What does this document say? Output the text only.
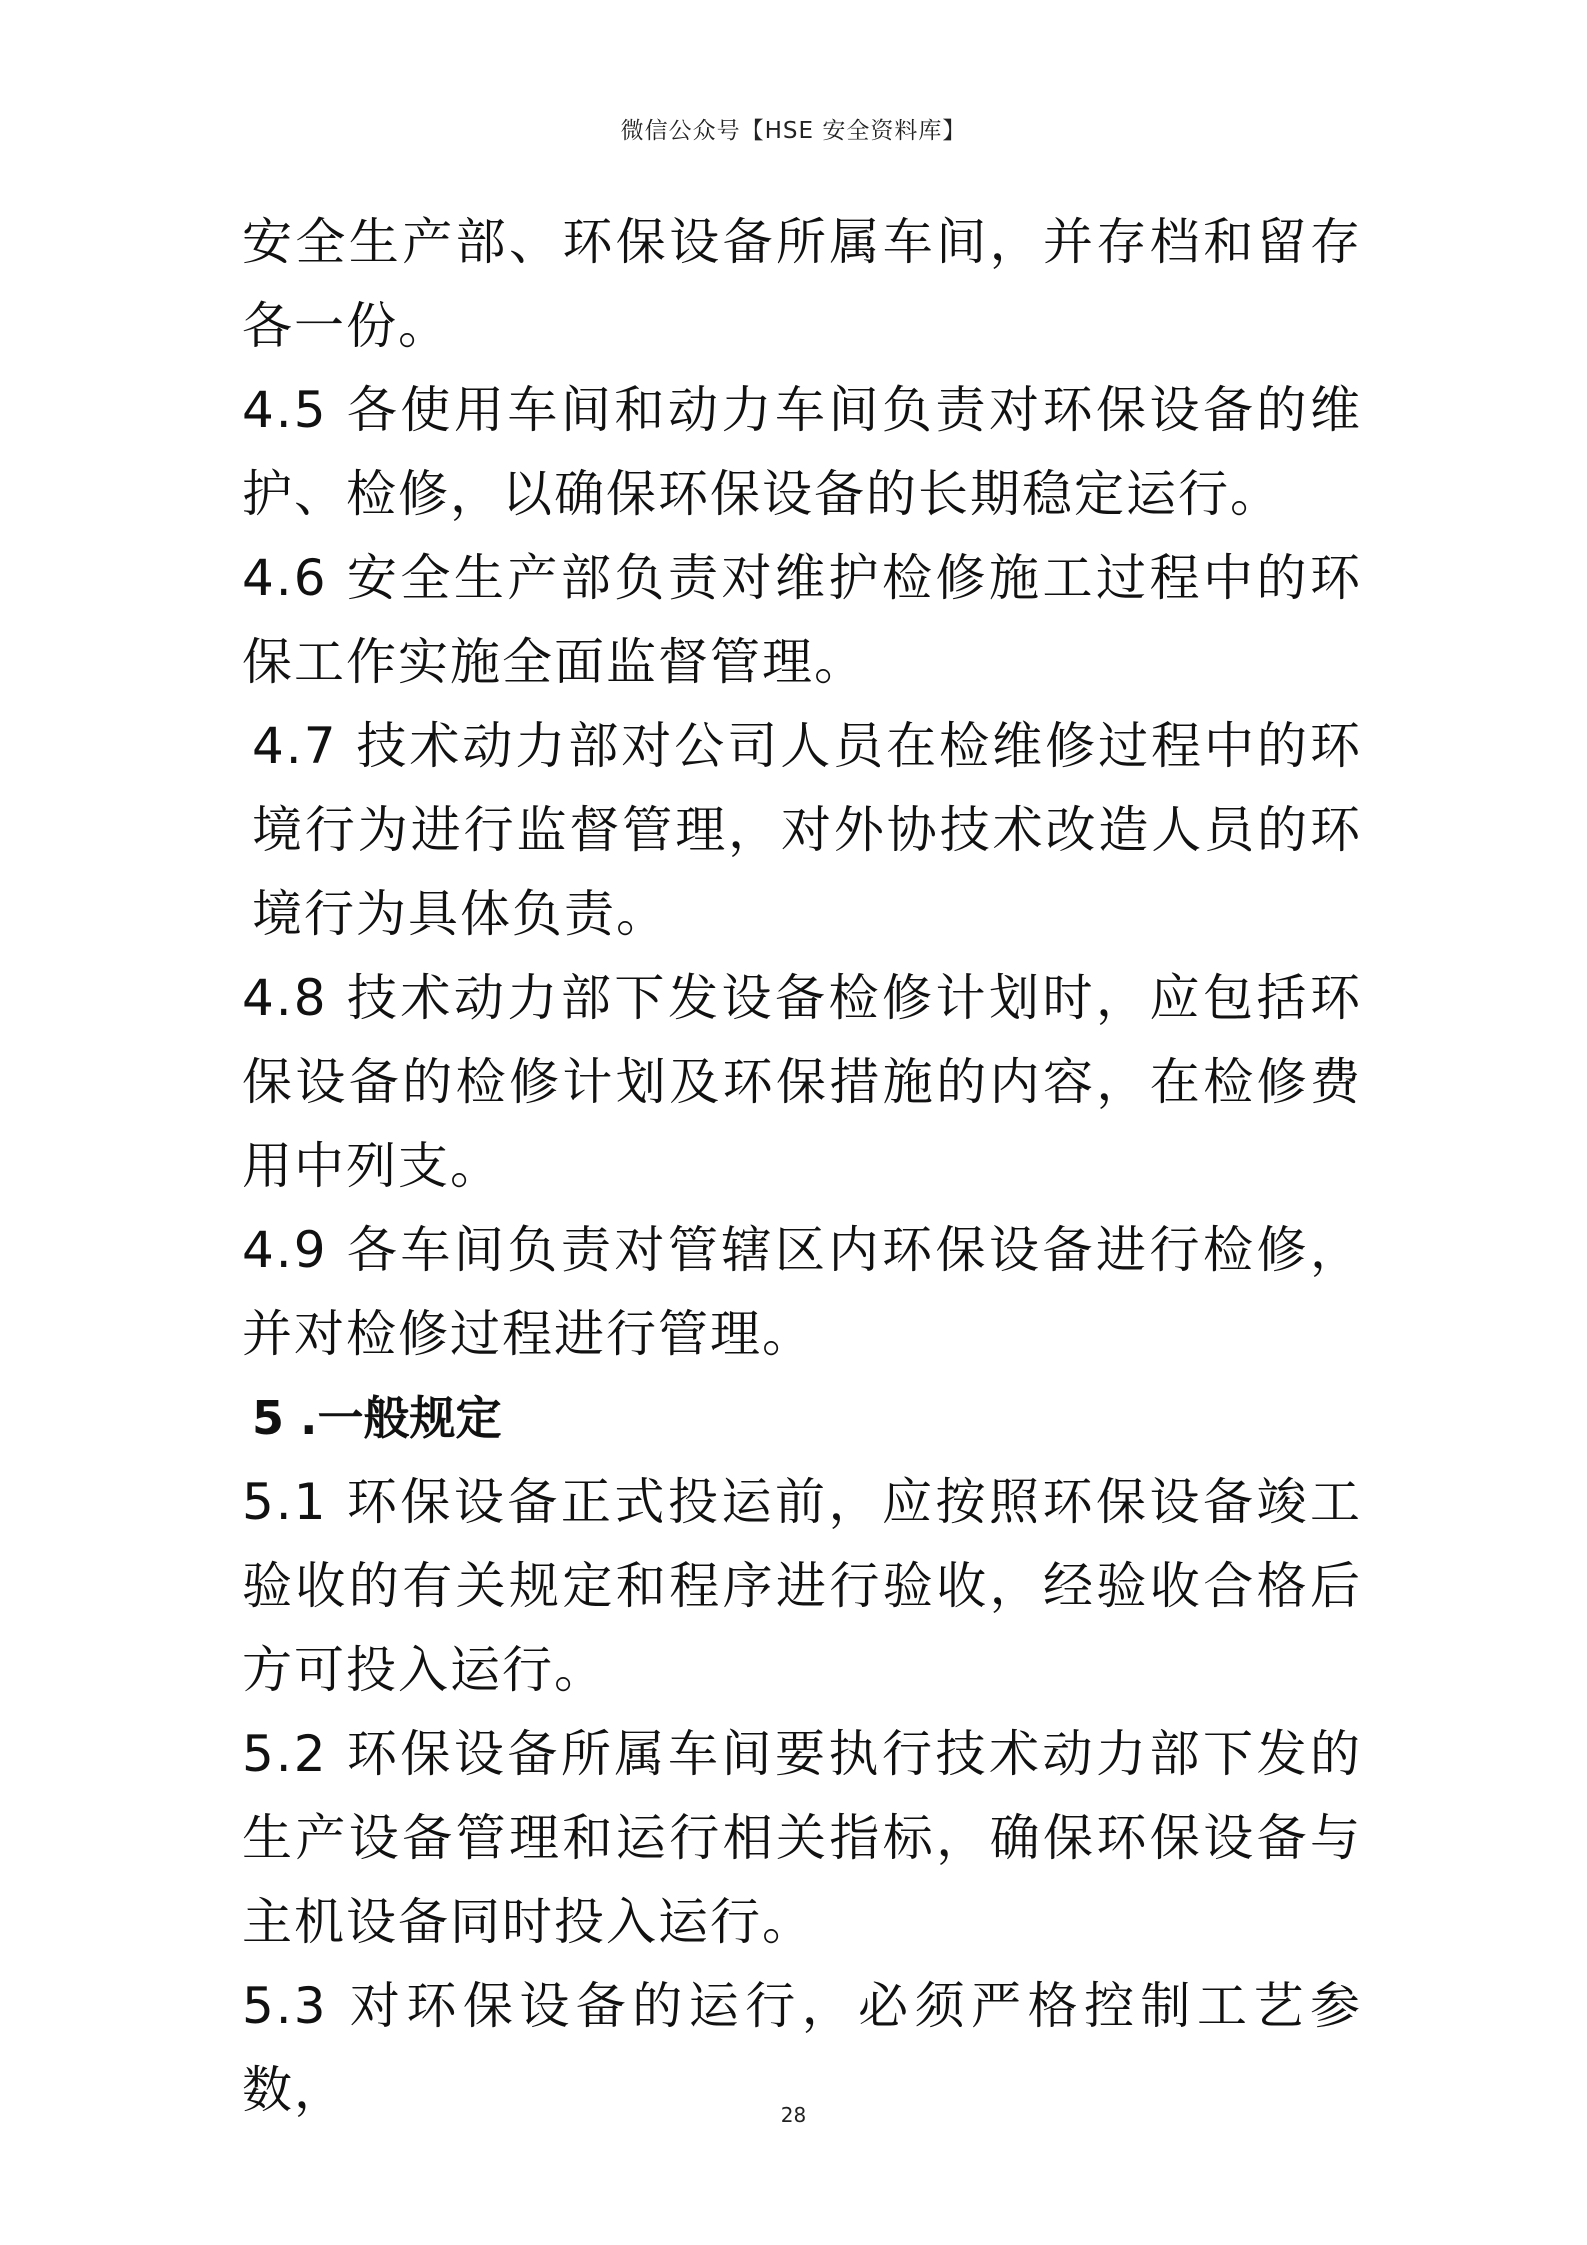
微信公众号【HSE 安全资料库】

安全生产部、环保设备所属车间，并存档和留存各一份。

4.5 各使用车间和动力车间负责对环保设备的维护、检修，以确保环保设备的长期稳定运行。

4.6 安全生产部负责对维护检修施工过程中的环保工作实施全面监督管理。

4.7 技术动力部对公司人员在检维修过程中的环境行为进行监督管理，对外协技术改造人员的环境行为具体负责。

4.8 技术动力部下发设备检修计划时，应包括环保设备的检修计划及环保措施的内容，在检修费用中列支。

4.9 各车间负责对管辖区内环保设备进行检修，并对检修过程进行管理。

5 .一般规定

5.1 环保设备正式投运前，应按照环保设备竣工验收的有关规定和程序进行验收，经验收合格后方可投入运行。

5.2 环保设备所属车间要执行技术动力部下发的生产设备管理和运行相关指标，确保环保设备与主机设备同时投入运行。

5.3 对环保设备的运行，必须严格控制工艺参数，	28
